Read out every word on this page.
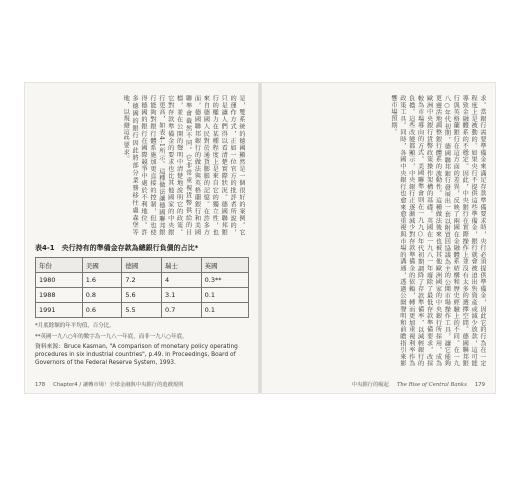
是，雙系統的德國顯然是一個很好的案例。它的運作方式，正如一位官方的批評者所說的，只是讓人們得以看清楚實際狀況。德國聯邦銀行的權力在某種程度上是來自它的獨立性，也來自德國人民對於通貨膨脹的記憶。在許多方面，德國聯邦銀行的做法與英格蘭銀行和美國聯準會截然不同。它非常重視貨幣供給的目標，並在公開的聲明中清楚地說明它的政策。它對存款準備金的要求也比其他國家的中央銀行更高，如表4-1所示。這種做法讓德國聯邦銀行能夠對銀行體系施加更直接的控制，但也使得德國的銀行在國際競爭中處於不利地位。許多德國的銀行因此將部分業務移往盧森堡等地，以規避這些要求。
表4-1　央行持有的準備金存款為總銀行負債的占比*
年份	美國	德國	瑞士	英國
1980	1.6	7.2	4	0.3**
1988	0.8	5.6	3.1	0.1
1991	0.6	5.5	0.7	0.1
*月底餘額的年平均值，百分比。
**英國一九八○年的數字為一九八一年底，而非一九八○年底。
資料來源：Bruce Kasman, "A comparison of monetary policy operating procedures in six industrial countries", p.49. in Proceedings, Board of Governors of the Federal Reserve System, 1993.
178 Chapter4 / 讓轉市場！全球金融與中央銀行的遊戲規則
求。當銀行需要準備金來滿足存款準備要求時，央行必須提供準備金，因此它的行為在一定程度上是被動的。如果央行不提供這些準備金，銀行就會被迫出售資產或減少放款，這可能導致金融體系的不穩定。因此，中央銀行在實際操作上並沒有太多的選擇空間。德國聯邦銀行與英格蘭銀行在這方面的差異，反映了兩國在金融體系結構和歷史經驗上的不同。在一九八○年代初期，德國聯邦銀行發展出一套以附買回協議為主的公開市場操作工具，讓它能夠更靈活地調整銀行體系的流動性。這種做法後來也被其他歐洲國家的中央銀行所採用，成為歐洲中央銀行貨幣政策操作架構的基礎。英國在一九八一年廢除了最低存款準備要求，改採較為市場導向的方式。美國聯準會則在一九九○年代初期調降了存款準備率，以減輕銀行的負擔。這些改變都顯示，中央銀行正逐漸減少對存款準備金的依賴，轉而更加重視利率作為政策工具。同時，各國中央銀行也愈來愈重視與市場的溝通，透過公開聲明和前瞻指引來影響市場預期。
中央銀行的崛起 The Rise of Central Banks 179
